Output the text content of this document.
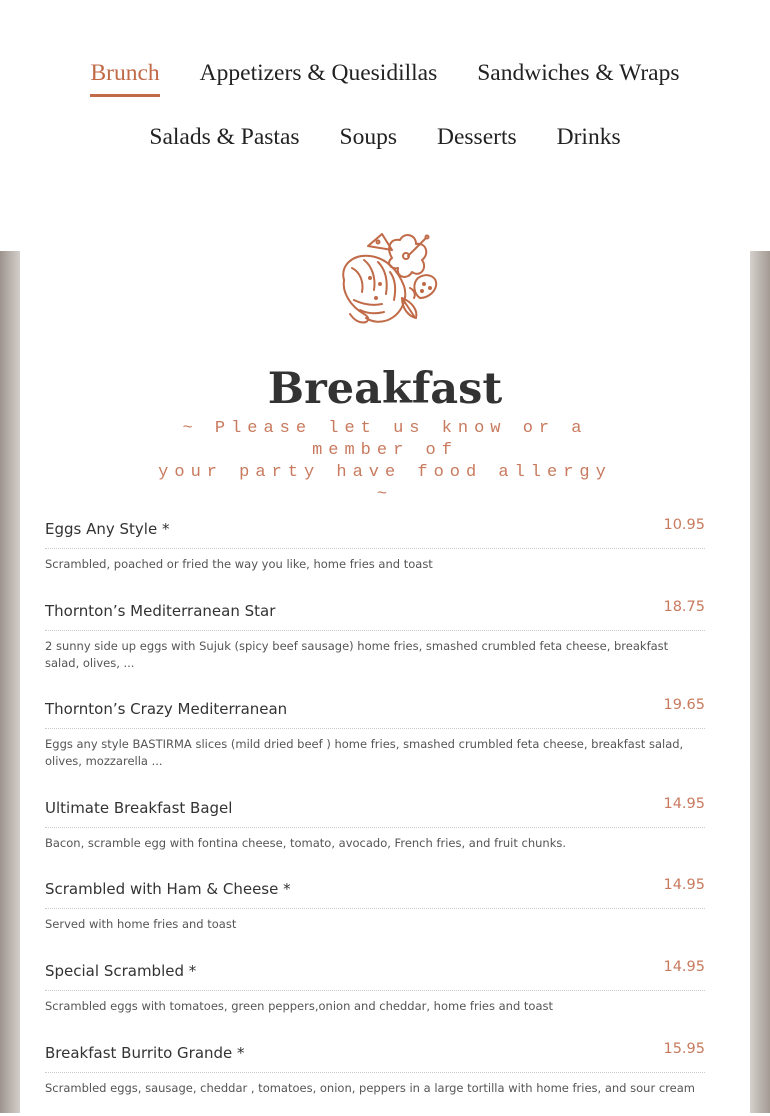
Brunch Appetizers & Quesidillas Sandwiches & Wraps
Salads & Pastas Soups Desserts Drinks
Breakfast
~ Please let us know or a member of
your party have food allergy ~
Eggs Any Style *	10.95
Scrambled, poached or fried the way you like, home fries and toast
Thornton’s Mediterranean Star	18.75
2 sunny side up eggs with Sujuk (spicy beef sausage) home fries, smashed crumbled feta cheese, breakfast salad, olives, ...
Thornton’s Crazy Mediterranean	19.65
Eggs any style BASTIRMA slices (mild dried beef ) home fries, smashed crumbled feta cheese, breakfast salad, olives, mozzarella ...
Ultimate Breakfast Bagel	14.95
Bacon, scramble egg with fontina cheese, tomato, avocado, French fries, and fruit chunks.
Scrambled with Ham & Cheese *	14.95
Served with home fries and toast
Special Scrambled *	14.95
Scrambled eggs with tomatoes, green peppers,onion and cheddar, home fries and toast
Breakfast Burrito Grande *	15.95
Scrambled eggs, sausage, cheddar , tomatoes, onion, peppers in a large tortilla with home fries, and sour cream
